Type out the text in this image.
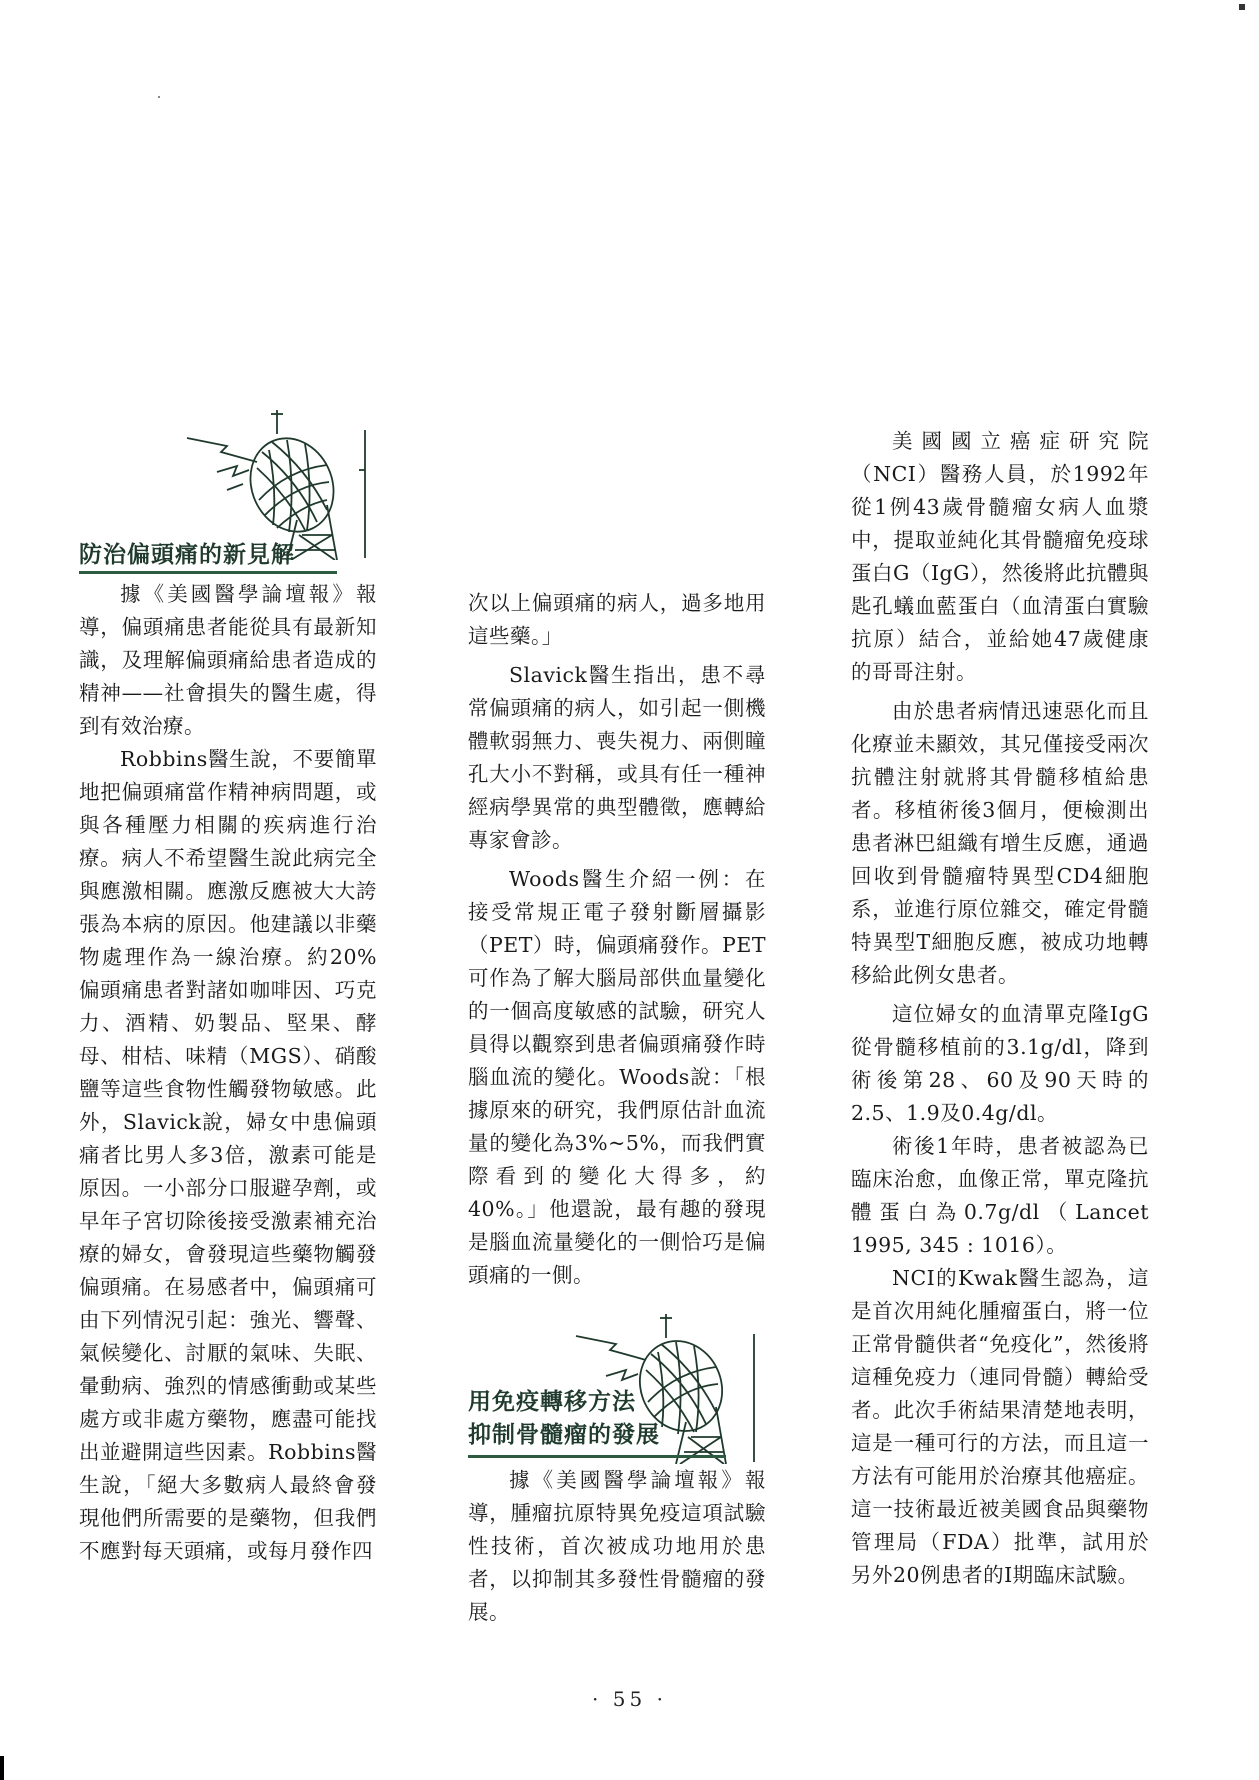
防治偏頭痛的新見解

據《美國醫學論壇報》報導，偏頭痛患者能從具有最新知識，及理解偏頭痛給患者造成的精神——社會損失的醫生處，得到有效治療。

Robbins醫生說，不要簡單地把偏頭痛當作精神病問題，或與各種壓力相關的疾病進行治療。病人不希望醫生說此病完全與應激相關。應激反應被大大誇張為本病的原因。他建議以非藥物處理作為一線治療。約20%偏頭痛患者對諸如咖啡因、巧克力、酒精、奶製品、堅果、酵母、柑桔、味精（MGS）、硝酸鹽等這些食物性觸發物敏感。此外，Slavick說，婦女中患偏頭痛者比男人多3倍，激素可能是原因。一小部分口服避孕劑，或早年子宮切除後接受激素補充治療的婦女，會發現這些藥物觸發偏頭痛。在易感者中，偏頭痛可由下列情況引起：強光、響聲、氣候變化、討厭的氣味、失眠、暈動病、強烈的情感衝動或某些處方或非處方藥物，應盡可能找出並避開這些因素。Robbins醫生說，「絕大多數病人最終會發現他們所需要的是藥物，但我們不應對每天頭痛，或每月發作四

次以上偏頭痛的病人，過多地用這些藥。」

Slavick醫生指出，患不尋常偏頭痛的病人，如引起一側機體軟弱無力、喪失視力、兩側瞳孔大小不對稱，或具有任一種神經病學異常的典型體徵，應轉給專家會診。

Woods醫生介紹一例：在接受常規正電子發射斷層攝影（PET）時，偏頭痛發作。PET可作為了解大腦局部供血量變化的一個高度敏感的試驗，研究人員得以觀察到患者偏頭痛發作時腦血流的變化。Woods說：「根據原來的研究，我們原估計血流量的變化為3%~5%，而我們實際看到的變化大得多，約40%。」他還說，最有趣的發現是腦血流量變化的一側恰巧是偏頭痛的一側。

用免疫轉移方法
抑制骨髓瘤的發展

據《美國醫學論壇報》報導，腫瘤抗原特異免疫這項試驗性技術，首次被成功地用於患者，以抑制其多發性骨髓瘤的發展。

美國國立癌症研究院（NCI）醫務人員，於1992年從1例43歲骨髓瘤女病人血漿中，提取並純化其骨髓瘤免疫球蛋白G（IgG），然後將此抗體與匙孔蟻血藍蛋白（血清蛋白實驗抗原）結合，並給她47歲健康的哥哥注射。

由於患者病情迅速惡化而且化療並未顯效，其兄僅接受兩次抗體注射就將其骨髓移植給患者。移植術後3個月，便檢測出患者淋巴組織有增生反應，通過回收到骨髓瘤特異型CD4細胞系，並進行原位雜交，確定骨髓特異型T細胞反應，被成功地轉移給此例女患者。

這位婦女的血清單克隆IgG從骨髓移植前的3.1g/dl，降到術後第28、60及90天時的2.5、1.9及0.4g/dl。

術後1年時，患者被認為已臨床治愈，血像正常，單克隆抗體蛋白為0.7g/dl（Lancet 1995, 345 : 1016）。

NCI的Kwak醫生認為，這是首次用純化腫瘤蛋白，將一位正常骨髓供者“免疫化”，然後將這種免疫力（連同骨髓）轉給受者。此次手術結果清楚地表明，這是一種可行的方法，而且這一方法有可能用於治療其他癌症。這一技術最近被美國食品與藥物管理局（FDA）批準，試用於另外20例患者的I期臨床試驗。

· 55 ·
